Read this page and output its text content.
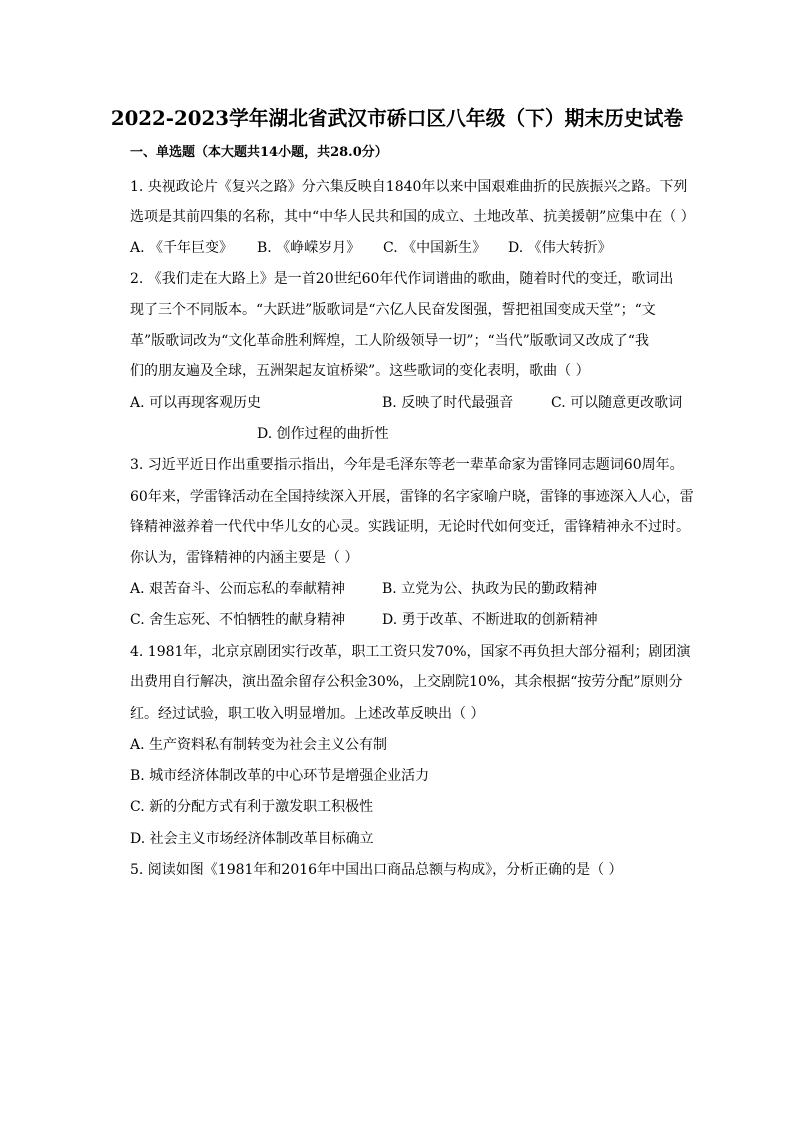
2022-2023学年湖北省武汉市硚口区八年级（下）期末历史试卷
一、单选题（本大题共14小题，共28.0分）
1. 央视政论片《复兴之路》分六集反映自1840年以来中国艰难曲折的民族振兴之路。下列
选项是其前四集的名称，其中“中华人民共和国的成立、土地改革、抗美援朝”应集中在（ ）
A. 《千年巨变》 B. 《峥嵘岁月》 C. 《中国新生》 D. 《伟大转折》
2. 《我们走在大路上》是一首20世纪60年代作词谱曲的歌曲，随着时代的变迁，歌词出
现了三个不同版本。“大跃进”版歌词是“六亿人民奋发图强，誓把祖国变成天堂”；“文
革”版歌词改为“文化革命胜利辉煌，工人阶级领导一切”；“当代”版歌词又改成了“我
们的朋友遍及全球，五洲架起友谊桥梁”。这些歌词的变化表明，歌曲（ ）
A. 可以再现客观历史	B. 反映了时代最强音	C. 可以随意更改歌词
D. 创作过程的曲折性
3. 习近平近日作出重要指示指出，今年是毛泽东等老一辈革命家为雷锋同志题词60周年。
60年来，学雷锋活动在全国持续深入开展，雷锋的名字家喻户晓，雷锋的事迹深入人心，雷
锋精神滋养着一代代中华儿女的心灵。实践证明，无论时代如何变迁，雷锋精神永不过时。
你认为，雷锋精神的内涵主要是（ ）
A. 艰苦奋斗、公而忘私的奉献精神	B. 立党为公、执政为民的勤政精神
C. 舍生忘死、不怕牺牲的献身精神	D. 勇于改革、不断进取的创新精神
4. 1981年，北京京剧团实行改革，职工工资只发70%，国家不再负担大部分福利；剧团演
出费用自行解决，演出盈余留存公积金30%，上交剧院10%，其余根据“按劳分配”原则分
红。经过试验，职工收入明显增加。上述改革反映出（ ）
A. 生产资料私有制转变为社会主义公有制
B. 城市经济体制改革的中心环节是增强企业活力
C. 新的分配方式有利于激发职工积极性
D. 社会主义市场经济体制改革目标确立
5. 阅读如图《1981年和2016年中国出口商品总额与构成》，分析正确的是（ ）
